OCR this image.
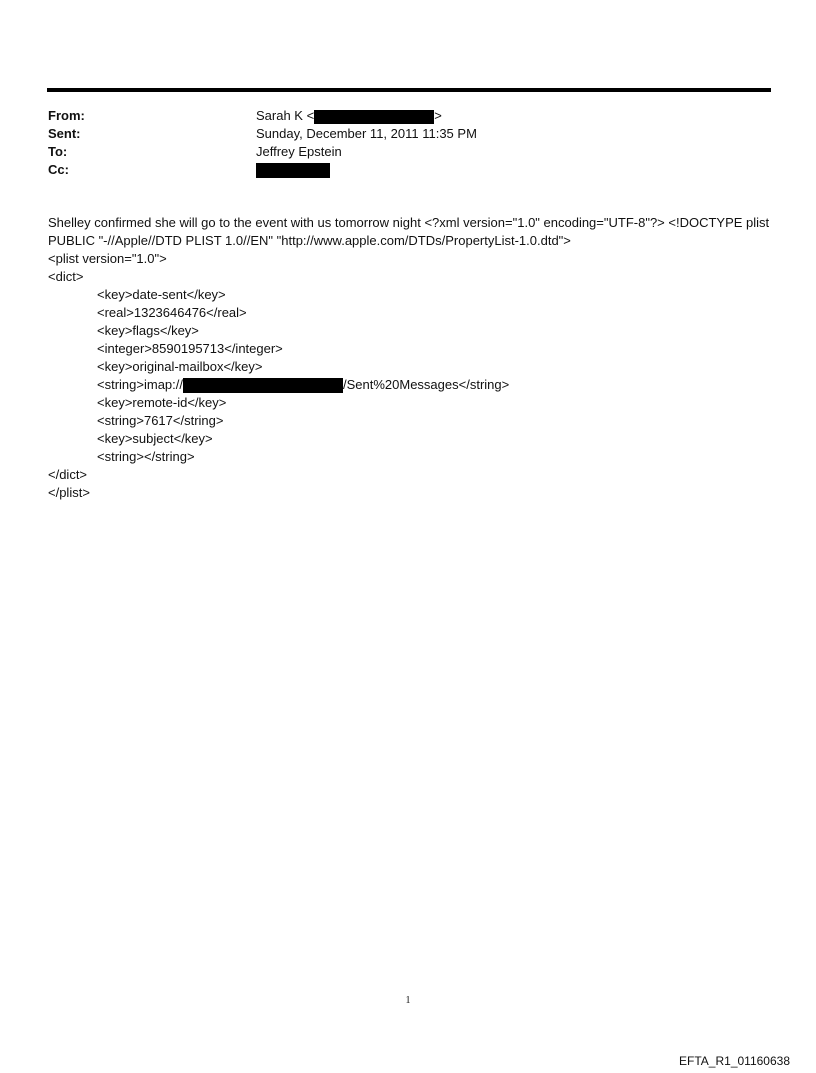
From:	Sarah K <	>
Sent:	Sunday, December 11, 2011 11:35 PM
To:	Jeffrey Epstein
Cc:
Shelley confirmed she will go to the event with us tomorrow night <?xml version="1.0" encoding="UTF-8"?> <!DOCTYPE plist PUBLIC "-//Apple//DTD PLIST 1.0//EN" "http://www.apple.com/DTDs/PropertyList-1.0.dtd">
<plist version="1.0">
<dict>
<key>date-sent</key>
<real>1323646476</real>
<key>flags</key>
<integer>8590195713</integer>
<key>original-mailbox</key>
<string>imap://	/Sent%20Messages</string>
<key>remote-id</key>
<string>7617</string>
<key>subject</key>
<string></string>
</dict>
</plist>
1
EFTA_R1_01160638
